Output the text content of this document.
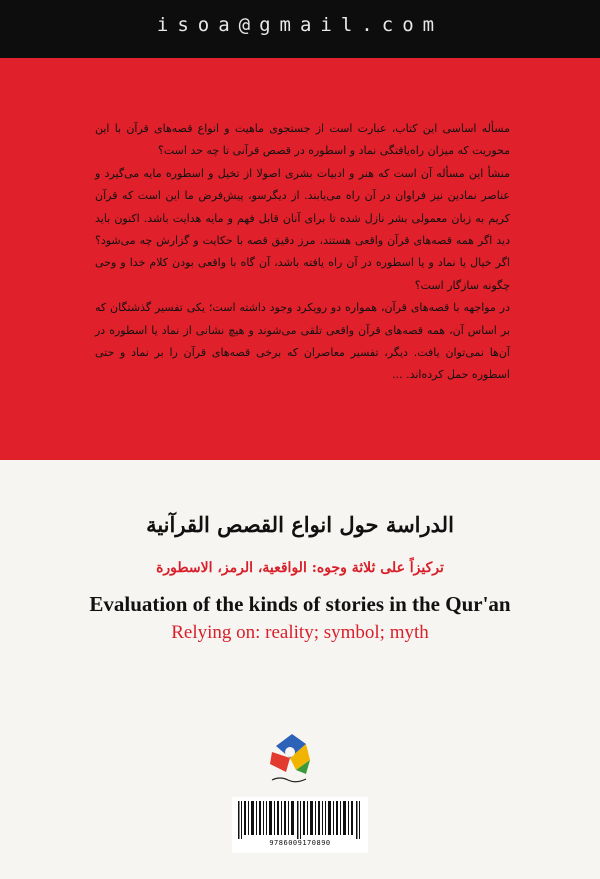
isoa@gmail.com

مسأله اساسی این کتاب، عبارت است از جستجوی ماهیت و انواع قصه‌های قرآن با این محوریت که میزان راه‌یافتگی نماد و اسطوره در قصص قرآنی تا چه حد است؟

منشأ این مسأله آن است که هنر و ادبیات بشری اصولا از تخیل و اسطوره مایه می‌گیرد و عناصر نمادین نیز فراوان در آن راه می‌یابند. از دیگرسو، پیش‌فرض ما این است که قرآن کریم به زبان معمولی بشر نازل شده تا برای آنان قابل فهم و مایه هدایت باشد. اکنون باید دید اگر همه قصه‌های قرآن واقعی هستند، مرز دقیق قصه با حکایت و گزارش چه می‌شود؟ اگر خیال یا نماد و یا اسطوره در آن راه یافته باشد، آن گاه با واقعی بودن کلام خدا و وحی چگونه سازگار است؟

در مواجهه با قصه‌های قرآن، همواره دو رویکرد وجود داشته است؛ یکی تفسیر گذشتگان که بر اساس آن، همه قصه‌های قرآن واقعی تلقی می‌شوند و هیچ نشانی از نماد یا اسطوره در آن‌ها نمی‌توان یافت. دیگر، تفسیر معاصران که برخی قصه‌های قرآن را بر نماد و حتی اسطوره حمل کرده‌اند. ...

الدراسة حول انواع القصص القرآنية
تركيزاً على ثلاثة وجوه: الواقعية، الرمز، الاسطورة
Evaluation of the kinds of stories in the Qur'an
Relying on: reality; symbol; myth
9786009170890
